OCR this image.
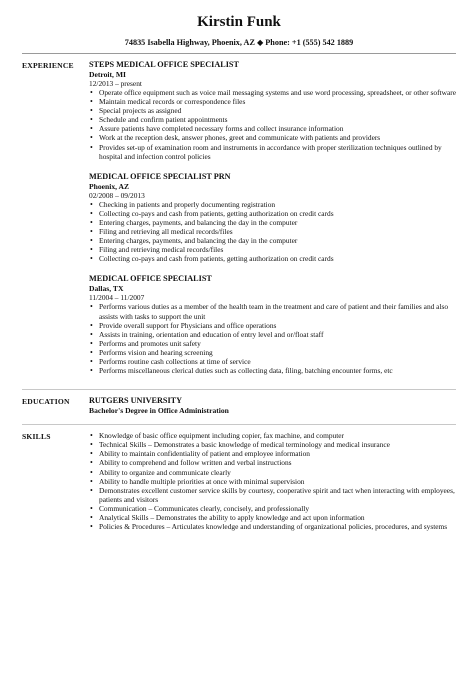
Kirstin Funk
74835 Isabella Highway, Phoenix, AZ ◆ Phone: +1 (555) 542 1889
EXPERIENCE	STEPS MEDICAL OFFICE SPECIALIST
Detroit, MI
12/2013 – present
• Operate office equipment such as voice mail messaging systems and use word processing, spreadsheet, or other software
• Maintain medical records or correspondence files
• Special projects as assigned
• Schedule and confirm patient appointments
• Assure patients have completed necessary forms and collect insurance information
• Work at the reception desk, answer phones, greet and communicate with patients and providers
• Provides set-up of examination room and instruments in accordance with proper sterilization techniques outlined by hospital and infection control policies
MEDICAL OFFICE SPECIALIST PRN
Phoenix, AZ
02/2008 – 09/2013
• Checking in patients and properly documenting registration
• Collecting co-pays and cash from patients, getting authorization on credit cards
• Entering charges, payments, and balancing the day in the computer
• Filing and retrieving all medical records/files
• Entering charges, payments, and balancing the day in the computer
• Filing and retrieving medical records/files
• Collecting co-pays and cash from patients, getting authorization on credit cards
MEDICAL OFFICE SPECIALIST
Dallas, TX
11/2004 – 11/2007
• Performs various duties as a member of the health team in the treatment and care of patient and their families and also assists with tasks to support the unit
• Provide overall support for Physicians and office operations
• Assists in training, orientation and education of entry level and or/float staff
• Performs and promotes unit safety
• Performs vision and hearing screening
• Performs routine cash collections at time of service
• Performs miscellaneous clerical duties such as collecting data, filing, batching encounter forms, etc
EDUCATION	RUTGERS UNIVERSITY
Bachelor's Degree in Office Administration
SKILLS
•	Knowledge of basic office equipment including copier, fax machine, and computer
• Technical Skills – Demonstrates a basic knowledge of medical terminology and medical insurance
• Ability to maintain confidentiality of patient and employee information
• Ability to comprehend and follow written and verbal instructions
• Ability to organize and communicate clearly
• Ability to handle multiple priorities at once with minimal supervision
• Demonstrates excellent customer service skills by courtesy, cooperative spirit and tact when interacting with employees, patients and visitors
• Communication – Communicates clearly, concisely, and professionally
• Analytical Skills – Demonstrates the ability to apply knowledge and act upon information
• Policies & Procedures – Articulates knowledge and understanding of organizational policies, procedures, and systems
